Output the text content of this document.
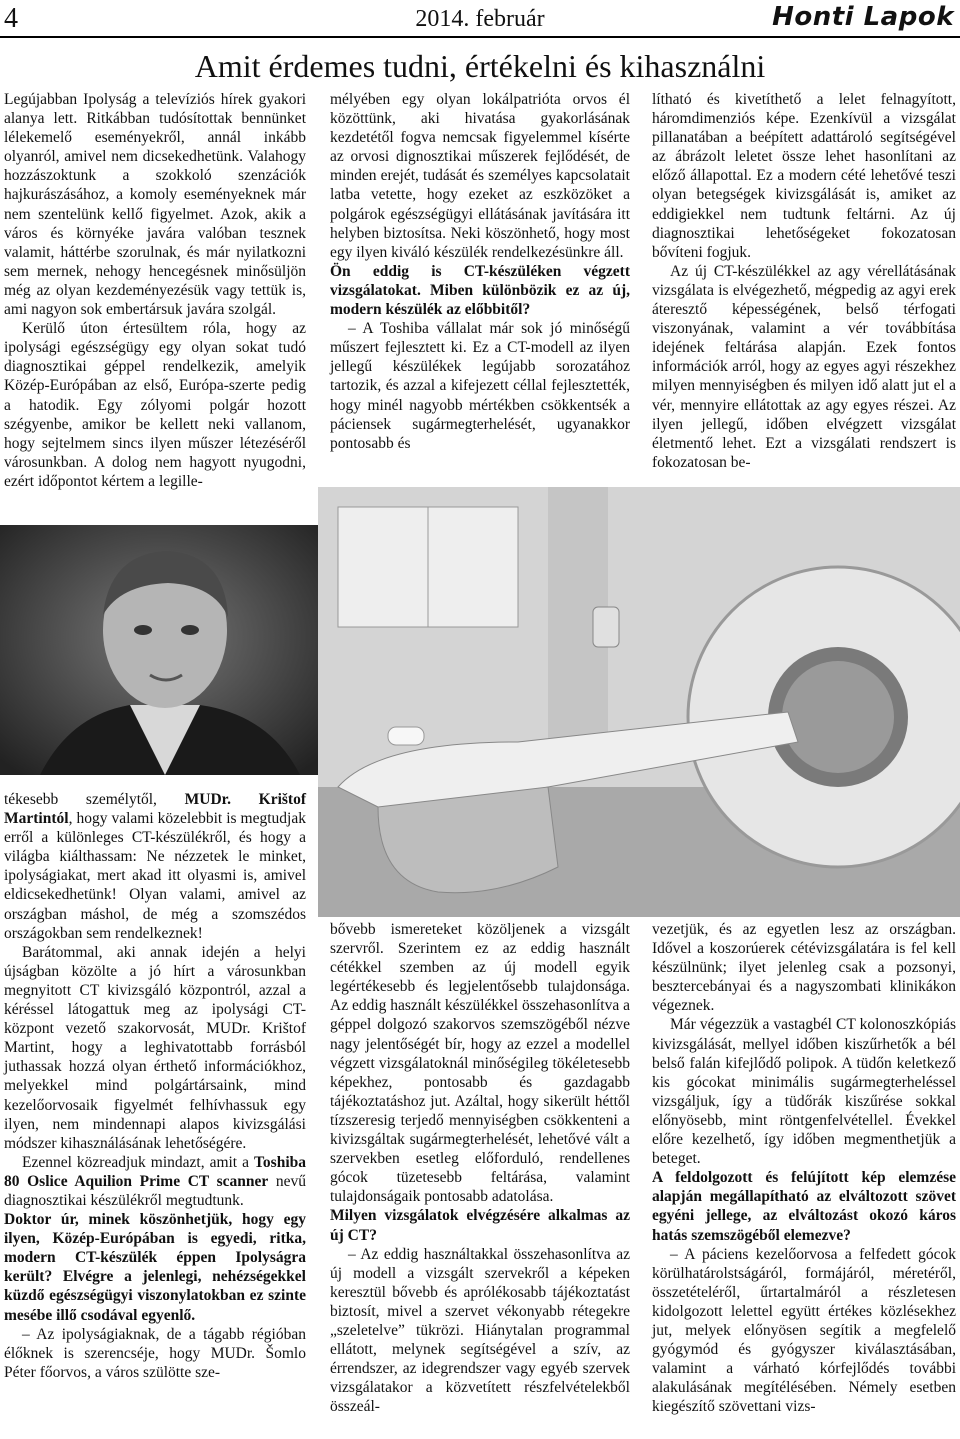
4	2014. február	Honti Lapok
Amit érdemes tudni, értékelni és kihasználni

Legújabban Ipolyság a televíziós hírek gyakori alanya lett. Ritkábban tudósítottak bennünket lélekemelő eseményekről, annál inkább olyanról, amivel nem dicsekedhetünk. Valahogy hozzászoktunk a szokkoló szenzációk hajkurászásához, a komoly eseményeknek már nem szentelünk kellő figyelmet. Azok, akik a város és környéke javára valóban tesznek valamit, háttérbe szorulnak, és már nyilatkozni sem mernek, nehogy hencegésnek minősüljön még az olyan kezdeményezésük vagy tettük is, ami nagyon sok embertársuk javára szolgál.

Kerülő úton értesültem róla, hogy az ipolysági egészségügy egy olyan sokat tudó diagnosztikai géppel rendelkezik, amelyik Közép-Európában az első, Európa-szerte pedig a hatodik. Egy zólyomi polgár hozott szégyenbe, amikor be kellett neki vallanom, hogy sejtelmem sincs ilyen műszer létezéséről városunkban. A dolog nem hagyott nyugodni, ezért időpontot kértem a legille-

mélyében egy olyan lokálpatrióta orvos él közöttünk, aki hivatása gyakorlásának kezdetétől fogva nemcsak figyelemmel kísérte az orvosi dignosztikai műszerek fejlődését, de minden erejét, tudását és személyes kapcsolatait latba vetette, hogy ezeket az eszközöket a polgárok egészségügyi ellátásának javítására itt helyben biztosítsa. Neki köszönhető, hogy most egy ilyen kiváló készülék rendelkezésünkre áll.

Ön eddig is CT-készüléken végzett vizsgálatokat. Miben különbözik ez az új, modern készülék az előbbitől?

– A Toshiba vállalat már sok jó minőségű műszert fejlesztett ki. Ez a CT-modell az ilyen jellegű készülékek legújabb sorozatához tartozik, és azzal a kifejezett céllal fejlesztették, hogy minél nagyobb mértékben csökkentsék a páciensek sugármegterhelését, ugyanakkor pontosabb és

lítható és kivetíthető a lelet felnagyított, háromdimenziós képe. Ezenkívül a vizsgálat pillanatában a beépített adattároló segítségével az ábrázolt leletet össze lehet hasonlítani az előző állapottal. Ez a modern cété lehetővé teszi olyan betegségek kivizsgálását is, amiket az eddigiekkel nem tudtunk feltárni. Az új diagnosztikai lehetőségeket fokozatosan bővíteni fogjuk.

Az új CT-készülékkel az agy vérellátásának vizsgálata is elvégezhető, mégpedig az agyi erek áteresztő képességének, belső térfogati viszonyának, valamint a vér továbbítása idejének feltárása alapján. Ezek fontos információk arról, hogy az egyes agyi részekhez milyen mennyiségben és milyen idő alatt jut el a vér, mennyire ellátottak az agy egyes részei. Az ilyen jellegű, időben elvégzett vizsgálat életmentő lehet. Ezt a vizsgálati rendszert is fokozatosan be-

tékesebb személytől, MUDr. Krištof Martintól, hogy valami közelebbit is megtudjak erről a különleges CT-készülékről, és hogy a világba kiálthassam: Ne nézzetek le minket, ipolyságiakat, mert akad itt olyasmi is, amivel eldicsekedhetünk! Olyan valami, amivel az országban máshol, de még a szomszédos országokban sem rendelkeznek!

Barátommal, aki annak idején a helyi újságban közölte a jó hírt a városunkban megnyitott CT kivizsgáló központról, azzal a kéréssel látogattuk meg az ipolysági CT-központ vezető szakorvosát, MUDr. Krištof Martint, hogy a leghivatottabb forrásból juthassak hozzá olyan érthető információkhoz, melyekkel mind polgártársaink, mind kezelőorvosaik figyelmét felhívhassuk egy ilyen, nem mindennapi alapos kivizsgálási módszer kihasználásának lehetőségére.

Ezennel közreadjuk mindazt, amit a Toshiba 80 Oslice Aquilion Prime CT scanner nevű diagnosztikai készülékről megtudtunk.

Doktor úr, minek köszönhetjük, hogy egy ilyen, Közép-Európában is egyedi, ritka, modern CT-készülék éppen Ipolyságra került? Elvégre a jelenlegi, nehézségekkel küzdő egészségügyi viszonylatokban ez szinte mesébe illő csodával egyenlő.

– Az ipolyságiaknak, de a tágabb régióban élőknek is szerencséje, hogy MUDr. Šomlo Péter főorvos, a város szülötte sze-

bővebb ismereteket közöljenek a vizsgált szervről. Szerintem ez az eddig használt cétékkel szemben az új modell egyik legértékesebb és legjelentősebb tulajdonsága. Az eddig használt készülékkel összehasonlítva a géppel dolgozó szakorvos szemszögéből nézve nagy jelentőségét bír, hogy az ezzel a modellel végzett vizsgálatoknál minőségileg tökéletesebb képekhez, pontosabb és gazdagabb tájékoztatáshoz jut. Azáltal, hogy sikerült héttől tízszeresig terjedő mennyiségben csökkenteni a kivizsgáltak sugármegterhelését, lehetővé vált a szervekben esetleg előforduló, rendellenes gócok tüzetesebb feltárása, valamint tulajdonságaik pontosabb adatolása.

Milyen vizsgálatok elvégzésére alkalmas az új CT?

– Az eddig használtakkal összehasonlítva az új modell a vizsgált szervekről a képeken keresztül bővebb és aprólékosabb tájékoztatást biztosít, mivel a szervet vékonyabb rétegekre „szeletelve” tükrözi. Hiánytalan programmal ellátott, melynek segítségével a szív, az érrendszer, az idegrendszer vagy egyéb szervek vizsgálatakor a közvetített részfelvételekből összeál-

vezetjük, és az egyetlen lesz az országban. Idővel a koszorúerek cétévizsgálatára is fel kell készülnünk; ilyet jelenleg csak a pozsonyi, besztercebányai és a nagyszombati klinikákon végeznek.

Már végezzük a vastagbél CT kolonoszkópiás kivizsgálását, mellyel időben kiszűrhetők a bél belső falán kifejlődő polipok. A tüdőn keletkező kis gócokat minimális sugármegterheléssel vizsgáljuk, így a tüdőrák kiszűrése sokkal előnyösebb, mint röntgenfelvétellel. Évekkel előre kezelhető, így időben megmenthetjük a beteget.

A feldolgozott és felújított kép elemzése alapján megállapítható az elváltozott szövet egyéni jellege, az elváltozást okozó káros hatás szemszögéből elemezve?

– A páciens kezelőorvosa a felfedett gócok körülhatárolstságáról, formájáról, méretéről, összetételéről, űrtartalmáról a részletesen kidolgozott lelettel együtt értékes közlésekhez jut, melyek előnyösen segítik a megfelelő gyógymód és gyógyszer kiválasztásában, valamint a várható kórfejlődés további alakulásának megítélésében. Némely esetben kiegészítő szövettani vizs-
